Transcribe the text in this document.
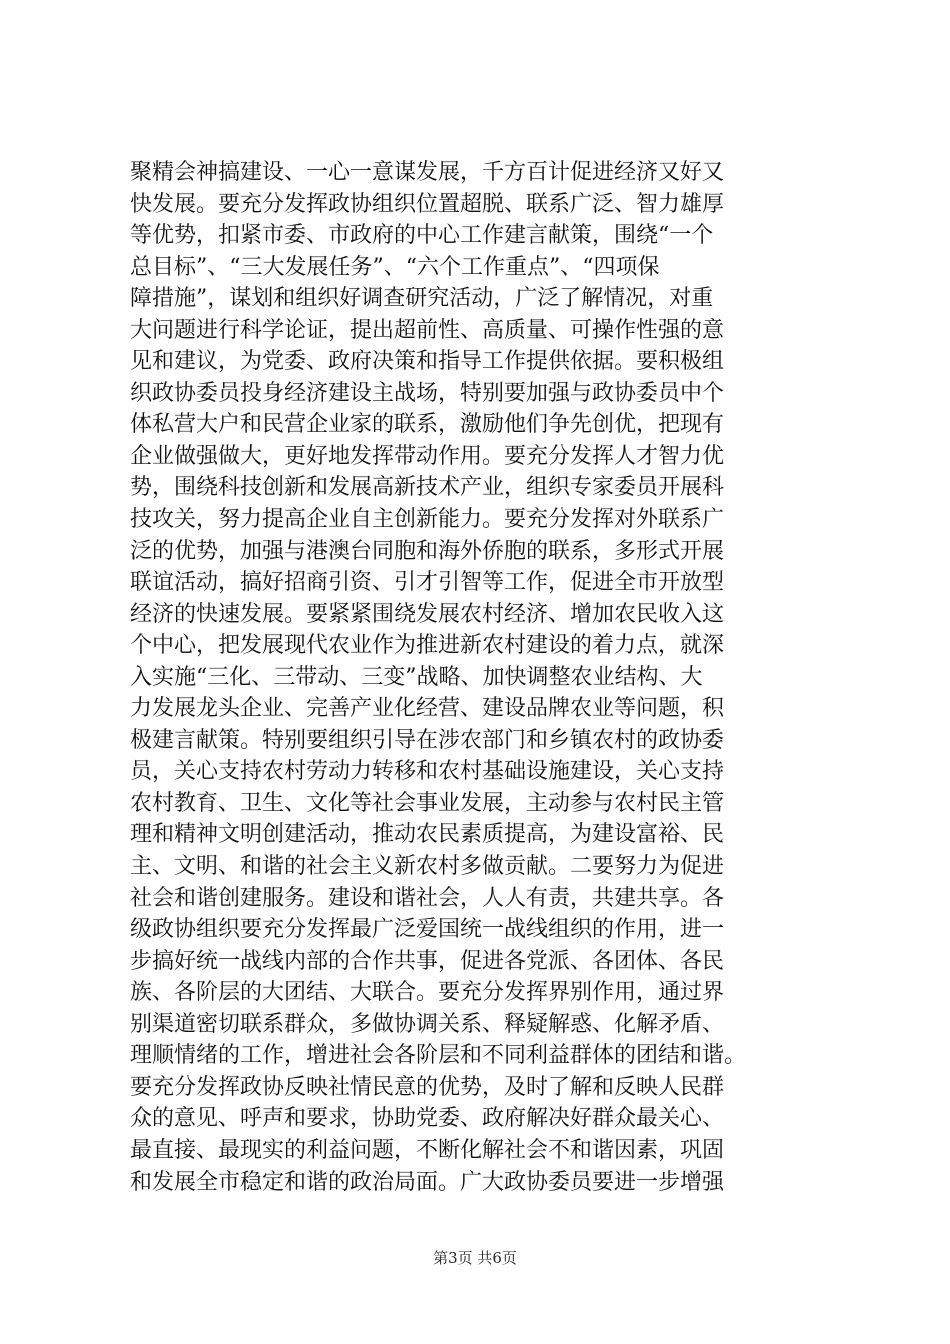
聚精会神搞建设、一心一意谋发展，千方百计促进经济又好又
快发展。要充分发挥政协组织位置超脱、联系广泛、智力雄厚
等优势，扣紧市委、市政府的中心工作建言献策，围绕“一个
总目标”、“三大发展任务”、“六个工作重点”、“四项保
障措施”，谋划和组织好调查研究活动，广泛了解情况，对重
大问题进行科学论证，提出超前性、高质量、可操作性强的意
见和建议，为党委、政府决策和指导工作提供依据。要积极组
织政协委员投身经济建设主战场，特别要加强与政协委员中个
体私营大户和民营企业家的联系，激励他们争先创优，把现有
企业做强做大，更好地发挥带动作用。要充分发挥人才智力优
势，围绕科技创新和发展高新技术产业，组织专家委员开展科
技攻关，努力提高企业自主创新能力。要充分发挥对外联系广
泛的优势，加强与港澳台同胞和海外侨胞的联系，多形式开展
联谊活动，搞好招商引资、引才引智等工作，促进全市开放型
经济的快速发展。要紧紧围绕发展农村经济、增加农民收入这
个中心，把发展现代农业作为推进新农村建设的着力点，就深
入实施“三化、三带动、三变”战略、加快调整农业结构、大
力发展龙头企业、完善产业化经营、建设品牌农业等问题，积
极建言献策。特别要组织引导在涉农部门和乡镇农村的政协委
员，关心支持农村劳动力转移和农村基础设施建设，关心支持
农村教育、卫生、文化等社会事业发展，主动参与农村民主管
理和精神文明创建活动，推动农民素质提高，为建设富裕、民
主、文明、和谐的社会主义新农村多做贡献。二要努力为促进
社会和谐创建服务。建设和谐社会，人人有责，共建共享。各
级政协组织要充分发挥最广泛爱国统一战线组织的作用，进一
步搞好统一战线内部的合作共事，促进各党派、各团体、各民
族、各阶层的大团结、大联合。要充分发挥界别作用，通过界
别渠道密切联系群众，多做协调关系、释疑解惑、化解矛盾、
理顺情绪的工作，增进社会各阶层和不同利益群体的团结和谐。
要充分发挥政协反映社情民意的优势，及时了解和反映人民群
众的意见、呼声和要求，协助党委、政府解决好群众最关心、
最直接、最现实的利益问题，不断化解社会不和谐因素，巩固
和发展全市稳定和谐的政治局面。广大政协委员要进一步增强
第3页 共6页
